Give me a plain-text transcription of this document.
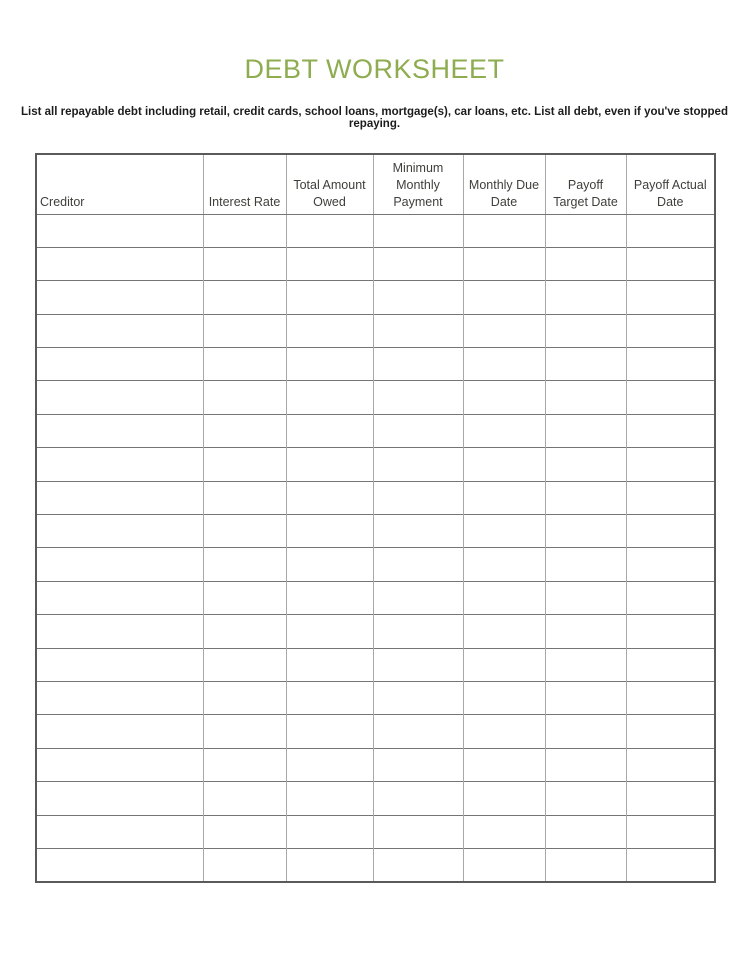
DEBT WORKSHEET
List all repayable debt including retail, credit cards, school loans, mortgage(s), car loans, etc. List all debt, even if you've stopped repaying.
Creditor	Interest Rate	Total Amount Owed	Minimum Monthly Payment	Monthly Due Date	Payoff Target Date	Payoff Actual Date
